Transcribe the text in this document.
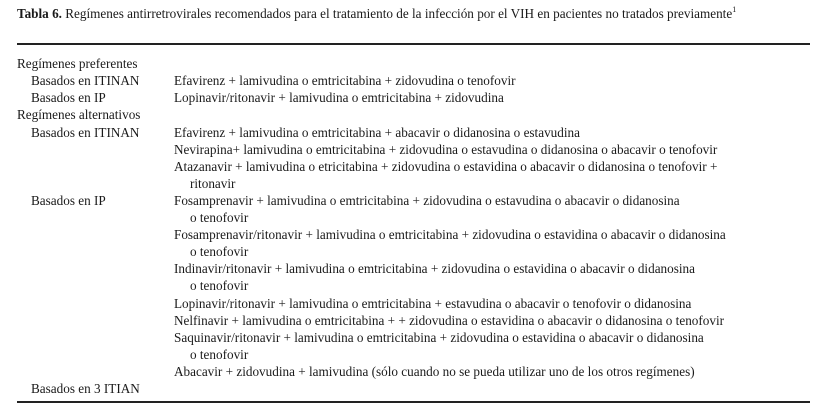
Tabla 6. Regímenes antirretrovirales recomendados para el tratamiento de la infección por el VIH en pacientes no tratados previamente$^1$
Regímenes preferentes
Basados en ITINAN	Efavirenz + lamivudina o emtricitabina + zidovudina o tenofovir
Basados en IP	Lopinavir/ritonavir + lamivudina o emtricitabina + zidovudina
Regímenes alternativos
Basados en ITINAN	Efavirenz + lamivudina o emtricitabina + abacavir o didanosina o estavudina
Nevirapina+ lamivudina o emtricitabina + zidovudina o estavudina o didanosina o abacavir o tenofovir
Atazanavir + lamivudina o etricitabina + zidovudina o estavidina o abacavir o didanosina o tenofovir +
ritonavir
Basados en IP	Fosamprenavir + lamivudina o emtricitabina + zidovudina o estavudina o abacavir o didanosina
o tenofovir
Fosamprenavir/ritonavir + lamivudina o emtricitabina + zidovudina o estavidina o abacavir o didanosina
o tenofovir
Indinavir/ritonavir + lamivudina o emtricitabina + zidovudina o estavidina o abacavir o didanosina
o tenofovir
Lopinavir/ritonavir + lamivudina o emtricitabina + estavudina o abacavir o tenofovir o didanosina
Nelfinavir + lamivudina o emtricitabina + + zidovudina o estavidina o abacavir o didanosina o tenofovir
Saquinavir/ritonavir + lamivudina o emtricitabina + zidovudina o estavidina o abacavir o didanosina
o tenofovir
Abacavir + zidovudina + lamivudina (sólo cuando no se pueda utilizar uno de los otros regímenes)
Basados en 3 ITIAN
